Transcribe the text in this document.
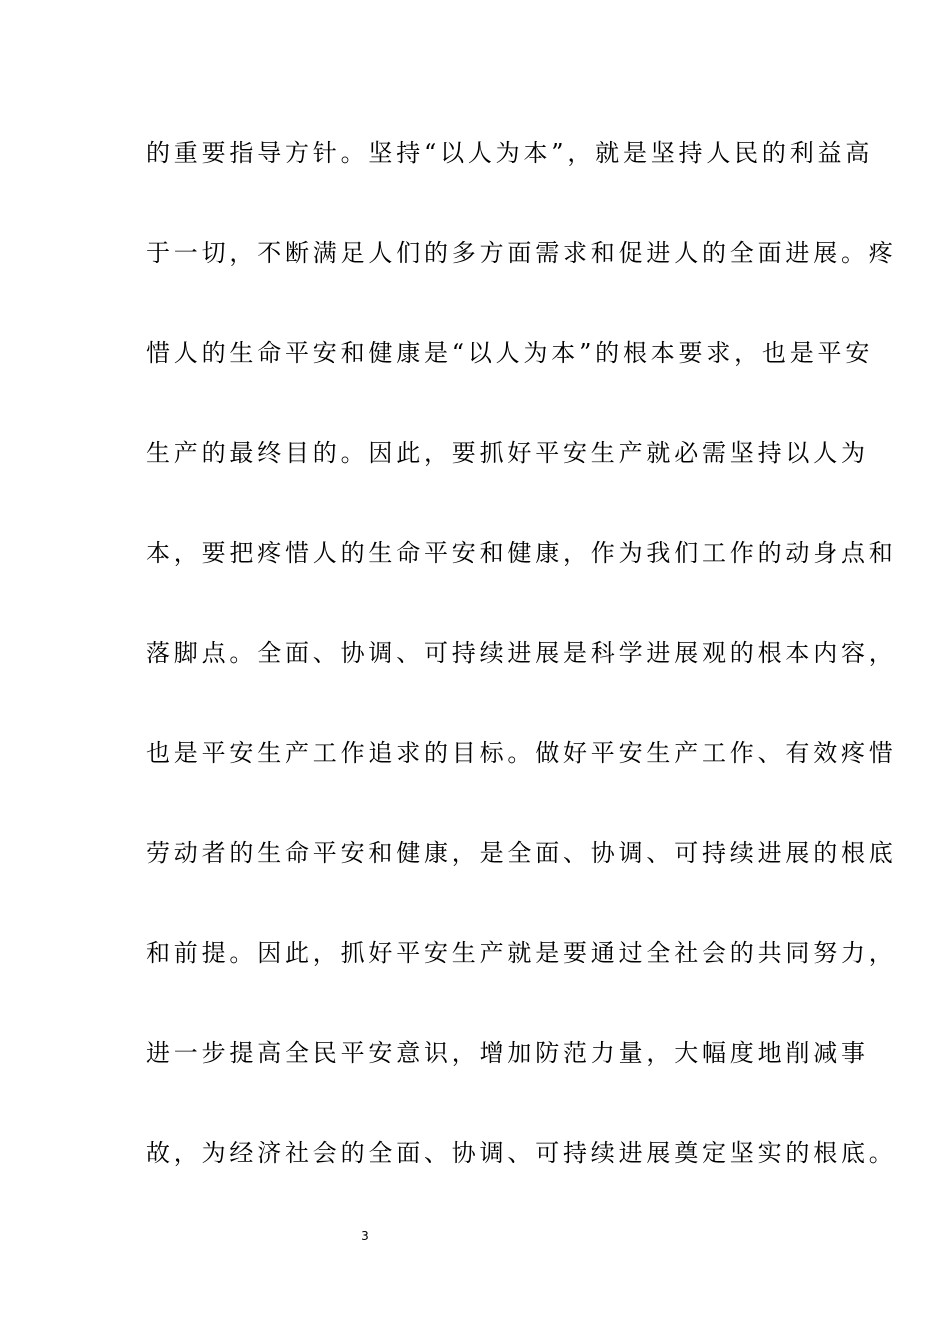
的重要指导方针。坚持“以人为本”，就是坚持人民的利益高
于一切，不断满足人们的多方面需求和促进人的全面进展。疼
惜人的生命平安和健康是“以人为本”的根本要求，也是平安
生产的最终目的。因此，要抓好平安生产就必需坚持以人为
本，要把疼惜人的生命平安和健康，作为我们工作的动身点和
落脚点。全面、协调、可持续进展是科学进展观的根本内容，
也是平安生产工作追求的目标。做好平安生产工作、有效疼惜
劳动者的生命平安和健康，是全面、协调、可持续进展的根底
和前提。因此，抓好平安生产就是要通过全社会的共同努力，
进一步提高全民平安意识，增加防范力量，大幅度地削减事
故，为经济社会的全面、协调、可持续进展奠定坚实的根底。
3
